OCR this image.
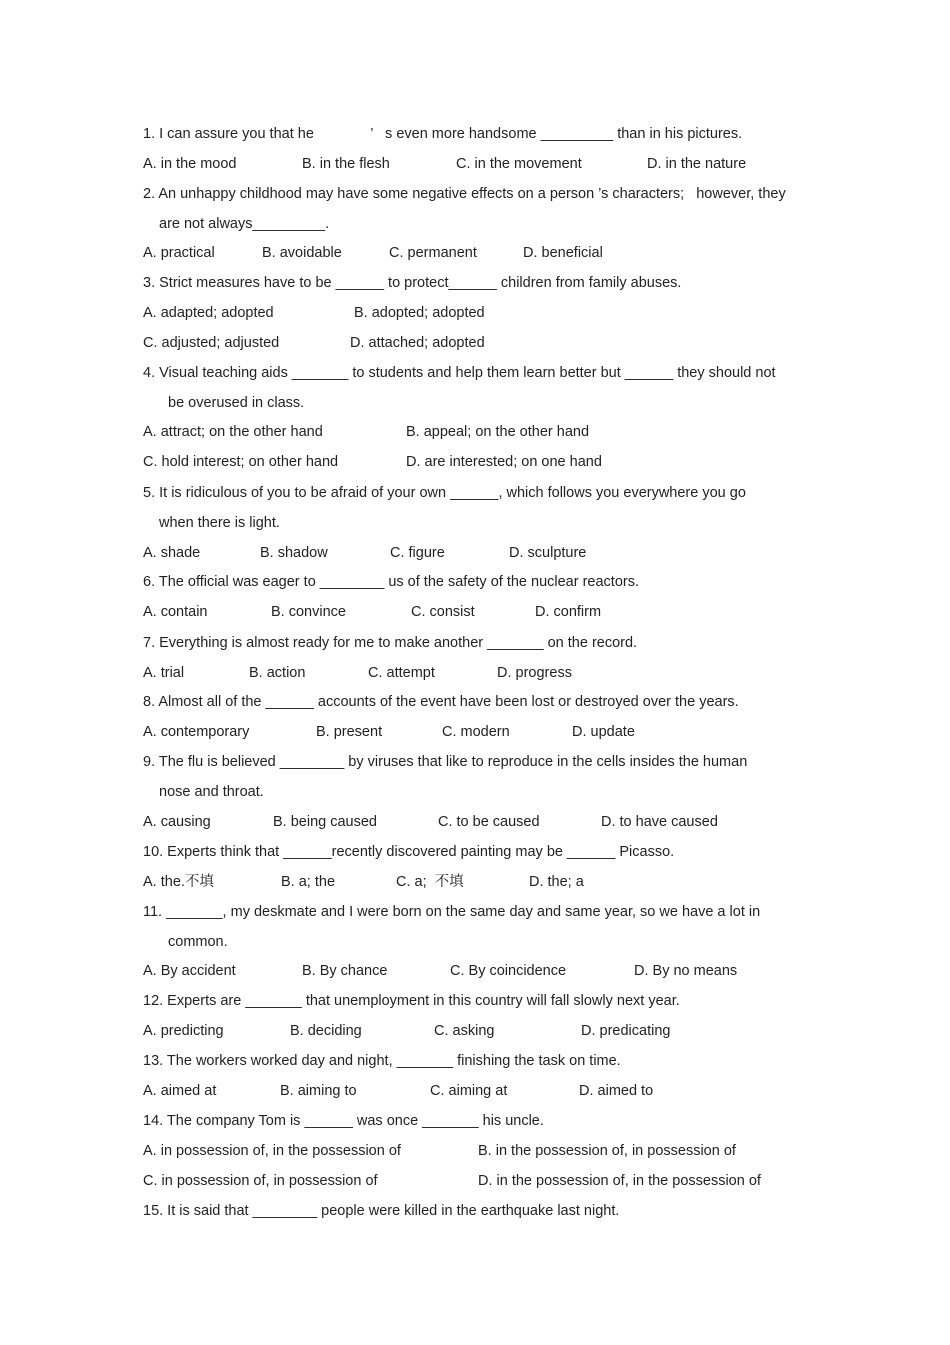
1. I can assure you that he              ’   s even more handsome _________ than in his pictures.
A. in the mood	B. in the flesh	C. in the movement	D. in the nature
2. An unhappy childhood may have some negative effects on a person ’s characters;   however, they
are not always_________.
A. practical	B. avoidable	C. permanent	D. beneficial
3. Strict measures have to be ______ to protect______ children from family abuses.
A. adapted; adopted	B. adopted; adopted
C. adjusted; adjusted	D. attached; adopted
4. Visual teaching aids _______ to students and help them learn better but ______ they should not
be overused in class.
A. attract; on the other hand	B. appeal; on the other hand
C. hold interest; on other hand	D. are interested; on one hand
5. It is ridiculous of you to be afraid of your own ______, which follows you everywhere you go
when there is light.
A. shade	B. shadow	C. figure	D. sculpture
6. The official was eager to ________ us of the safety of the nuclear reactors.
A. contain	B. convince	C. consist	D. confirm
7. Everything is almost ready for me to make another _______ on the record.
A. trial	B. action	C. attempt	D. progress
8. Almost all of the ______ accounts of the event have been lost or destroyed over the years.
A. contemporary	B. present	C. modern	D. update
9. The flu is believed ________ by viruses that like to reproduce in the cells insides the human
nose and throat.
A. causing	B. being caused	C. to be caused	D. to have caused
10. Experts think that ______recently discovered painting may be ______ Picasso.
A. the.不填	B. a; the	C. a;  不填	D. the; a
11. _______, my deskmate and I were born on the same day and same year, so we have a lot in
common.
A. By accident	B. By chance	C. By coincidence	D. By no means
12. Experts are _______ that unemployment in this country will fall slowly next year.
A. predicting	B. deciding	C. asking	D. predicating
13. The workers worked day and night, _______ finishing the task on time.
A. aimed at	B. aiming to	C. aiming at	D. aimed to
14. The company Tom is ______ was once _______ his uncle.
A. in possession of, in the possession of	B. in the possession of, in possession of
C. in possession of, in possession of	D. in the possession of, in the possession of
15. It is said that ________ people were killed in the earthquake last night.
